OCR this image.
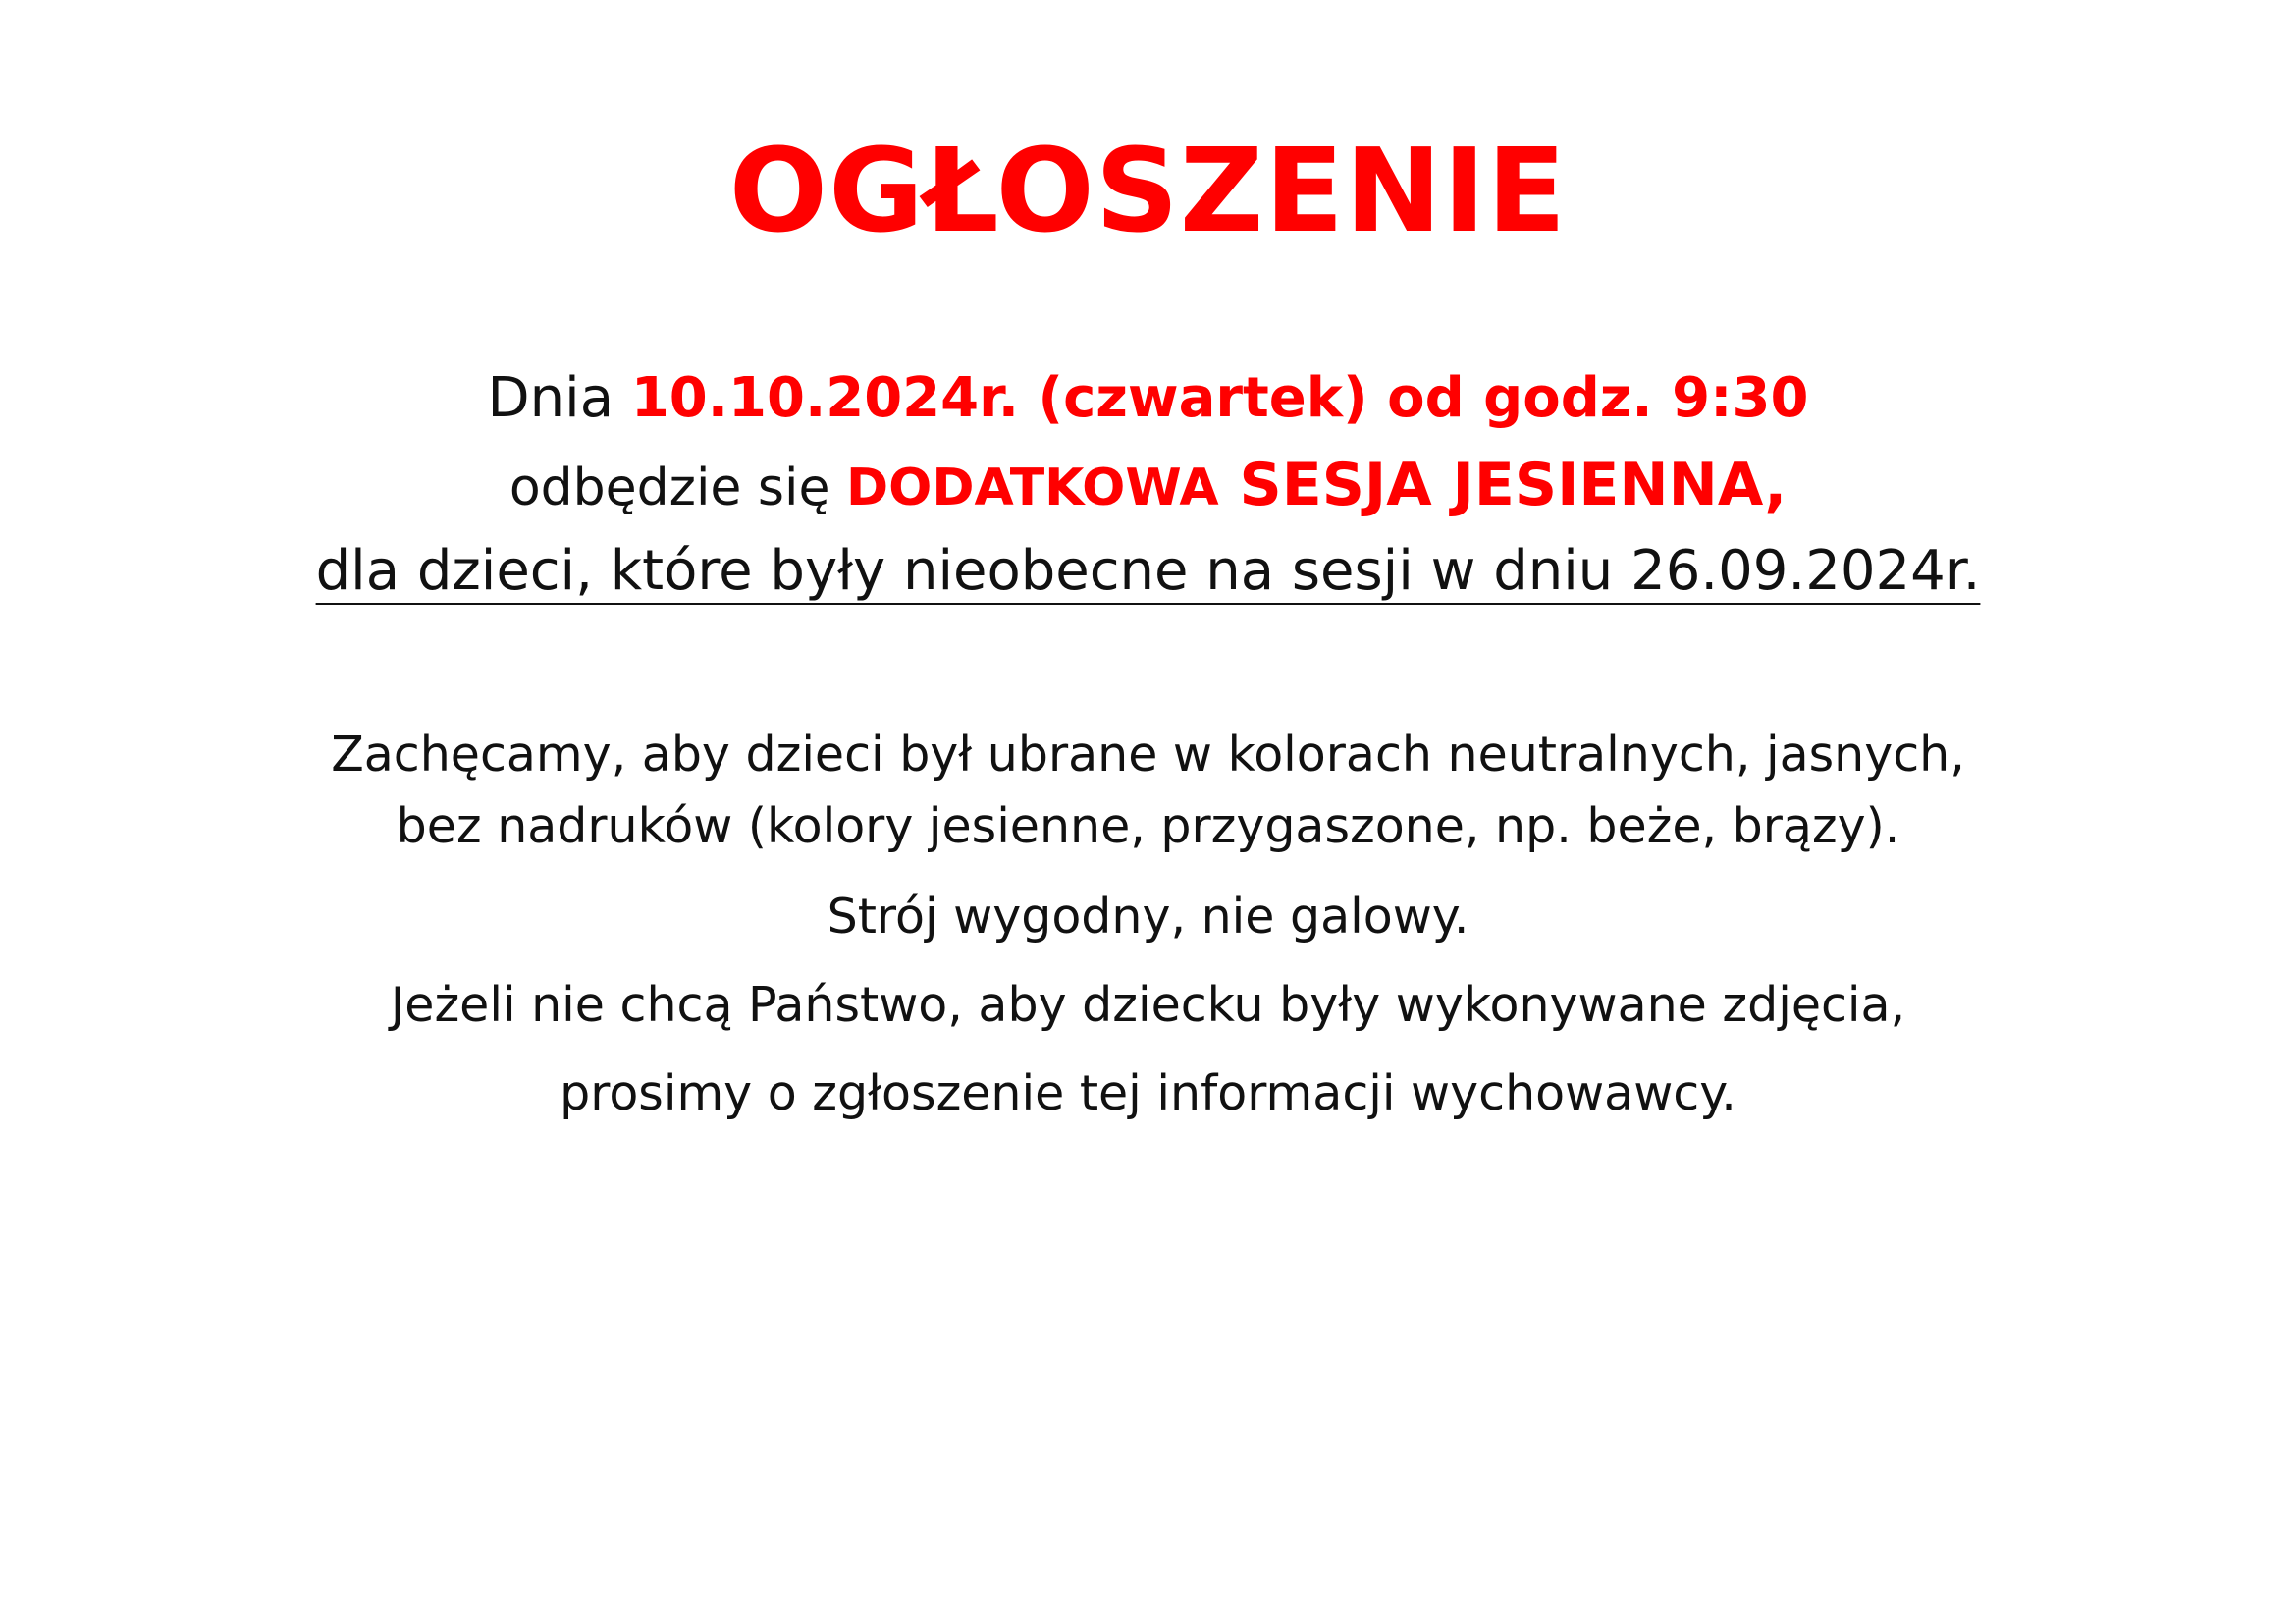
OGŁOSZENIE
Dnia 10.10.2024r. (czwartek) od godz. 9:30
odbędzie się DODATKOWA SESJA JESIENNA,
dla dzieci, które były nieobecne na sesji w dniu 26.09.2024r.
Zachęcamy, aby dzieci był ubrane w kolorach neutralnych, jasnych,
bez nadruków (kolory jesienne, przygaszone, np. beże, brązy).
Strój wygodny, nie galowy.
Jeżeli nie chcą Państwo, aby dziecku były wykonywane zdjęcia,
prosimy o zgłoszenie tej informacji wychowawcy.
